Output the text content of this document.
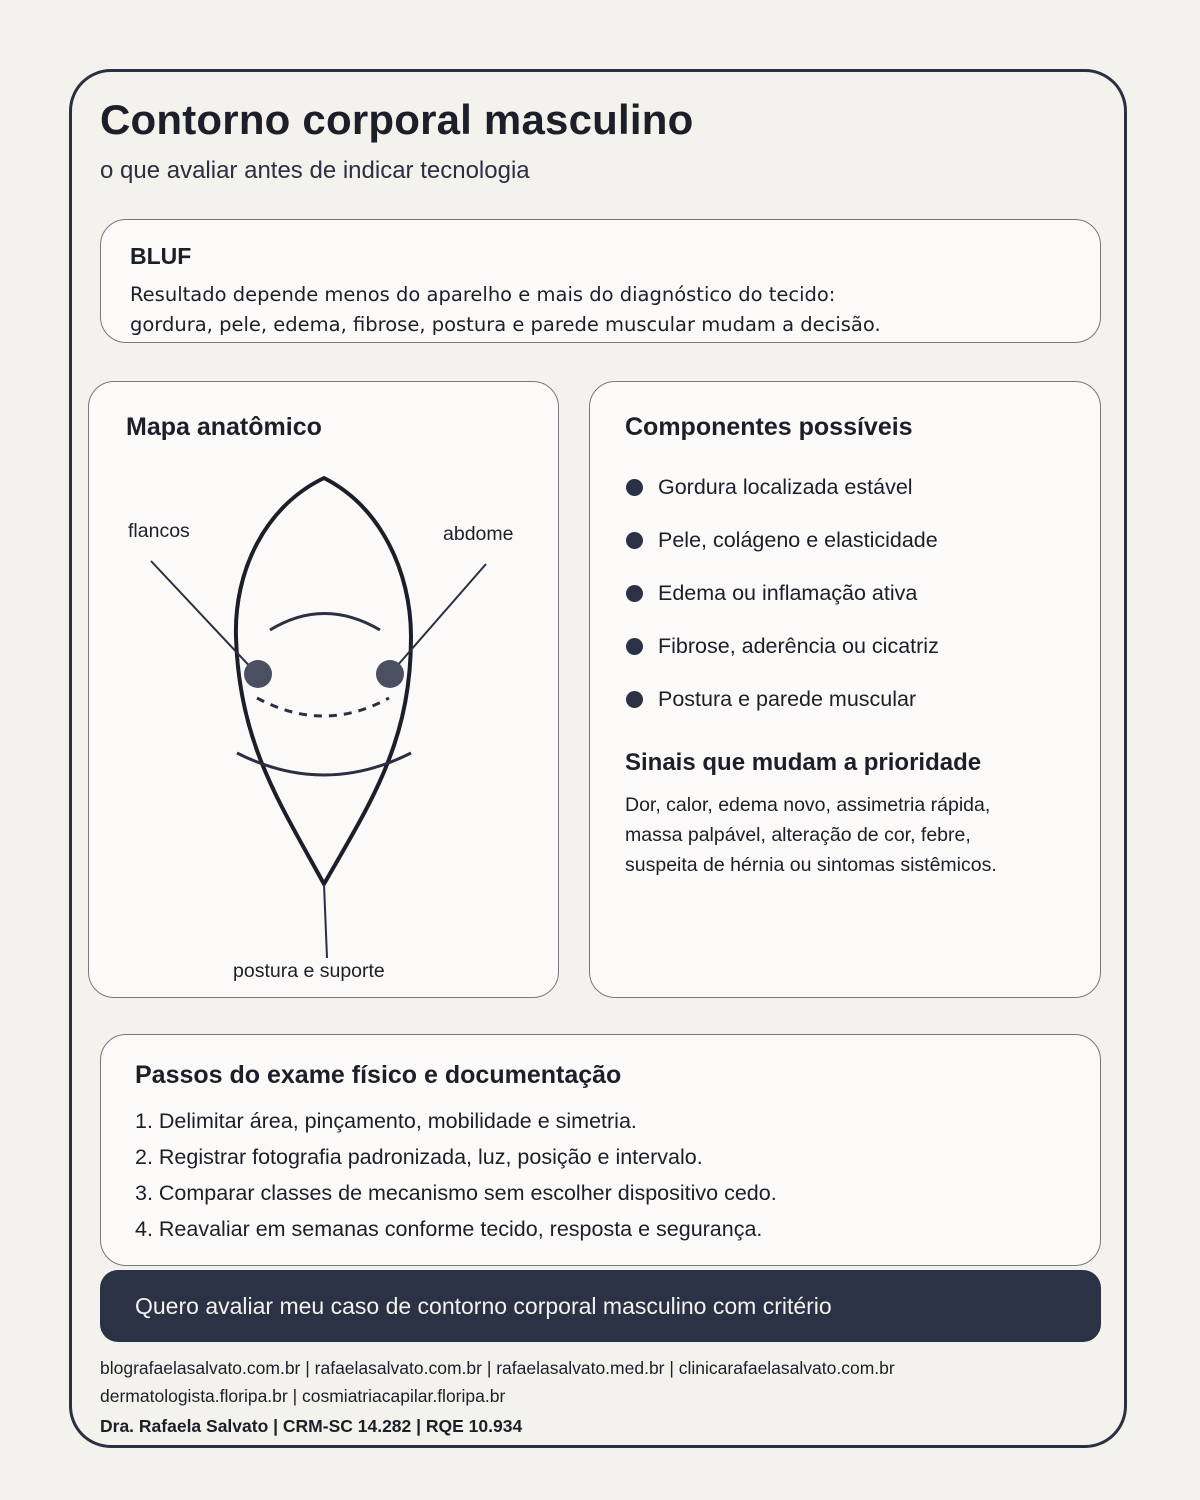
Contorno corporal masculino

o que avaliar antes de indicar tecnologia

BLUF

Resultado depende menos do aparelho e mais do diagnóstico do tecido:

gordura, pele, edema, fibrose, postura e parede muscular mudam a decisão.

Mapa anatômico

flancos	abdome

postura e suporte

Componentes possíveis
Gordura localizada estável
Pele, colágeno e elasticidade
Edema ou inflamação ativa
Fibrose, aderência ou cicatriz
Postura e parede muscular
Sinais que mudam a prioridade

Dor, calor, edema novo, assimetria rápida,

massa palpável, alteração de cor, febre,

suspeita de hérnia ou sintomas sistêmicos.

Passos do exame físico e documentação
1. Delimitar área, pinçamento, mobilidade e simetria.
2. Registrar fotografia padronizada, luz, posição e intervalo.
3. Comparar classes de mecanismo sem escolher dispositivo cedo.
4. Reavaliar em semanas conforme tecido, resposta e segurança.
Quero avaliar meu caso de contorno corporal masculino com critério

blografaelasalvato.com.br | rafaelasalvato.com.br | rafaelasalvato.med.br | clinicarafaelasalvato.com.br

dermatologista.floripa.br | cosmiatriacapilar.floripa.br

Dra. Rafaela Salvato | CRM-SC 14.282 | RQE 10.934
